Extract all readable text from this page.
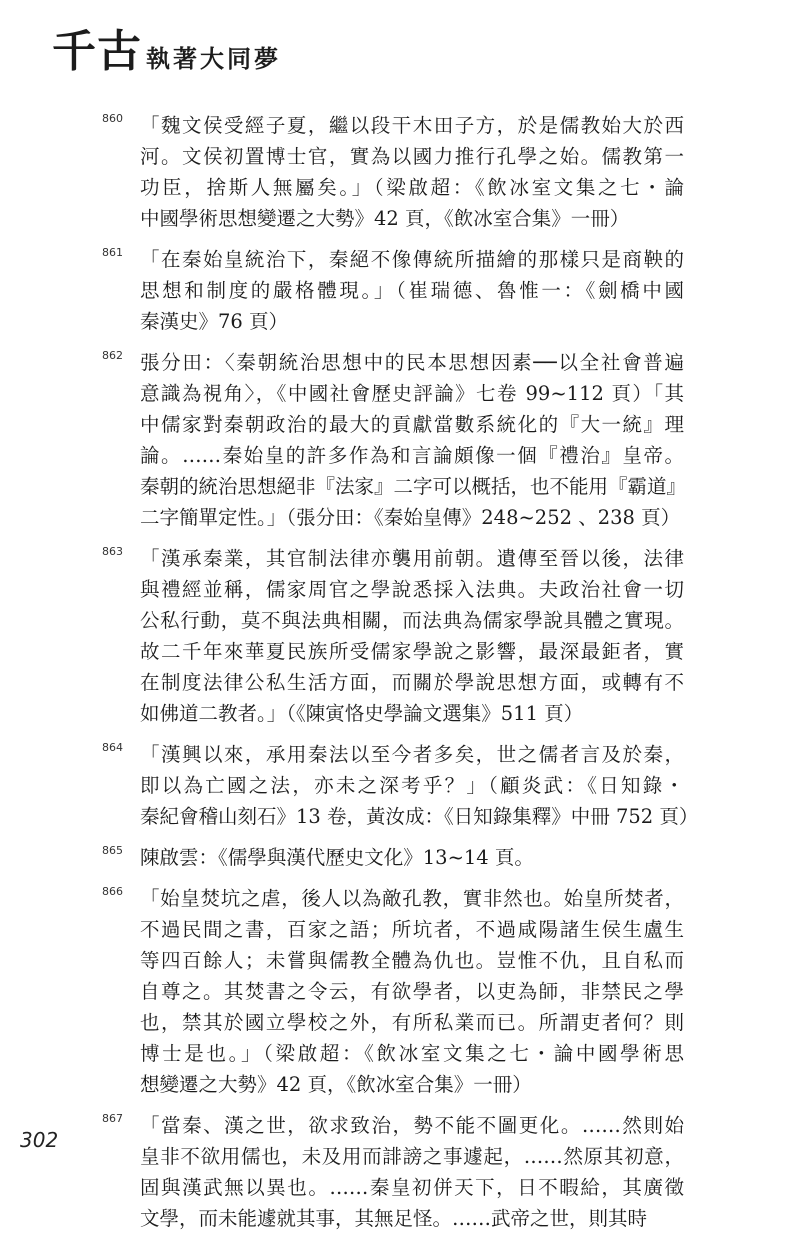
千古 執著大同夢
860 「魏文侯受經子夏，繼以段干木田子方，於是儒教始大於西
河。文侯初置博士官，實為以國力推行孔學之始。儒教第一
功臣，捨斯人無屬矣。」（梁啟超：《飲冰室文集之七・論
中國學術思想變遷之大勢》42 頁，《飲冰室合集》一冊）
861 「在秦始皇統治下，秦絕不像傳統所描繪的那樣只是商鞅的
思想和制度的嚴格體現。」（崔瑞德、魯惟一：《劍橋中國
秦漢史》76 頁）
862 張分田：〈秦朝統治思想中的民本思想因素──以全社會普遍
意識為視角〉，《中國社會歷史評論》七卷 99~112 頁）「其
中儒家對秦朝政治的最大的貢獻當數系統化的『大一統』理
論。……秦始皇的許多作為和言論頗像一個『禮治』皇帝。
秦朝的統治思想絕非『法家』二字可以概括，也不能用『霸道』
二字簡單定性。」（張分田：《秦始皇傳》248~252 、238 頁）
863 「漢承秦業，其官制法律亦襲用前朝。遺傳至晉以後，法律
與禮經並稱，儒家周官之學說悉採入法典。夫政治社會一切
公私行動，莫不與法典相關，而法典為儒家學說具體之實現。
故二千年來華夏民族所受儒家學說之影響，最深最鉅者，實
在制度法律公私生活方面，而關於學說思想方面，或轉有不
如佛道二教者。」（《陳寅恪史學論文選集》511 頁）
864 「漢興以來，承用秦法以至今者多矣，世之儒者言及於秦，
即以為亡國之法，亦未之深考乎？」（顧炎武：《日知錄・
秦紀會稽山刻石》13 卷，黃汝成：《日知錄集釋》中冊 752 頁）
865 陳啟雲：《儒學與漢代歷史文化》13~14 頁。
866 「始皇焚坑之虐，後人以為敵孔教，實非然也。始皇所焚者，
不過民間之書，百家之語；所坑者，不過咸陽諸生侯生盧生
等四百餘人；未嘗與儒教全體為仇也。豈惟不仇，且自私而
自尊之。其焚書之令云，有欲學者，以吏為師，非禁民之學
也，禁其於國立學校之外，有所私業而已。所謂吏者何？則
博士是也。」（梁啟超：《飲冰室文集之七・論中國學術思
想變遷之大勢》42 頁，《飲冰室合集》一冊）
867 「當秦、漢之世，欲求致治，勢不能不圖更化。……然則始
皇非不欲用儒也，未及用而誹謗之事遽起，……然原其初意，
固與漢武無以異也。……秦皇初併天下，日不暇給，其廣徵
文學，而未能遽就其事，其無足怪。……武帝之世，則其時
302
